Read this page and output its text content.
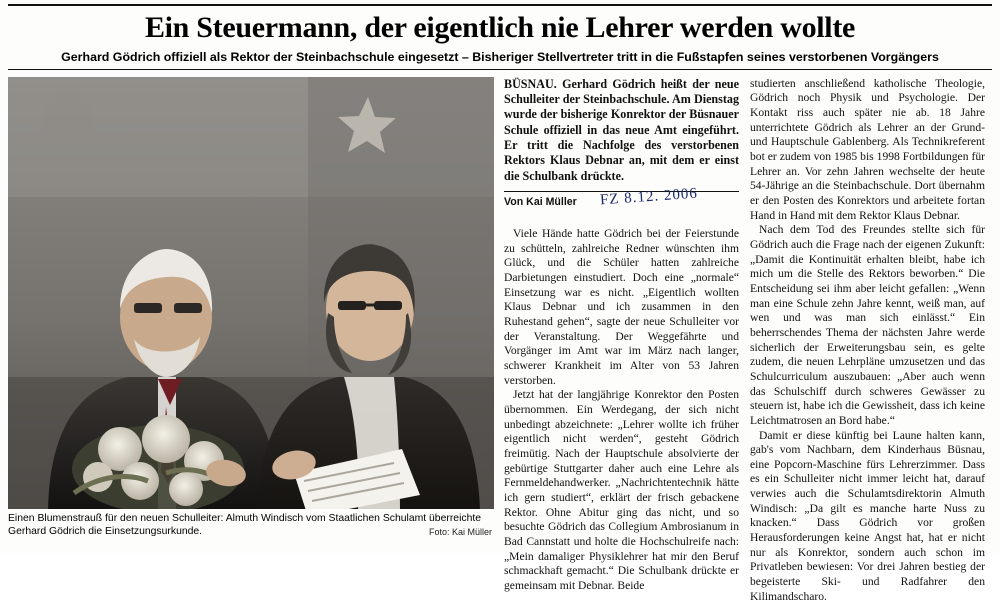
Ein Steuermann, der eigentlich nie Lehrer werden wollte
Gerhard Gödrich offiziell als Rektor der Steinbachschule eingesetzt – Bisheriger Stellvertreter tritt in die Fußstapfen seines verstorbenen Vorgängers
Einen Blumenstrauß für den neuen Schulleiter: Almuth Windisch vom Staatlichen Schulamt überreichte Gerhard Gödrich die Einsetzungsurkunde.	Foto: Kai Müller

BÜSNAU. Gerhard Gödrich heißt der neue Schulleiter der Steinbachschule. Am Dienstag wurde der bisherige Konrektor der Büsnauer Schule offiziell in das neue Amt eingeführt. Er tritt die Nachfolge des verstorbenen Rektors Klaus Debnar an, mit dem er einst die Schulbank drückte.

Von Kai Müller FZ 8.12. 2006

Viele Hände hatte Gödrich bei der Feierstunde zu schütteln, zahlreiche Redner wünschten ihm Glück, und die Schüler hatten zahlreiche Darbietungen einstudiert. Doch eine „normale“ Einsetzung war es nicht. „Eigentlich wollten Klaus Debnar und ich zusammen in den Ruhestand gehen“, sagte der neue Schulleiter vor der Veranstaltung. Der Weggefährte und Vorgänger im Amt war im März nach langer, schwerer Krankheit im Alter von 53 Jahren verstorben.

Jetzt hat der langjährige Konrektor den Posten übernommen. Ein Werdegang, der sich nicht unbedingt abzeichnete: „Lehrer wollte ich früher eigentlich nicht werden“, gesteht Gödrich freimütig. Nach der Hauptschule absolvierte der gebürtige Stuttgarter daher auch eine Lehre als Fernmeldehandwerker. „Nachrichtentechnik hätte ich gern studiert“, erklärt der frisch gebackene Rektor. Ohne Abitur ging das nicht, und so besuchte Gödrich das Collegium Ambrosianum in Bad Cannstatt und holte die Hochschulreife nach: „Mein damaliger Physiklehrer hat mir den Beruf schmackhaft gemacht.“ Die Schulbank drückte er gemeinsam mit Debnar. Beide

studierten anschließend katholische Theologie, Gödrich noch Physik und Psychologie. Der Kontakt riss auch später nie ab. 18 Jahre unterrichtete Gödrich als Lehrer an der Grund- und Hauptschule Gablenberg. Als Technikreferent bot er zudem von 1985 bis 1998 Fortbildungen für Lehrer an. Vor zehn Jahren wechselte der heute 54-Jährige an die Steinbachschule. Dort übernahm er den Posten des Konrektors und arbeitete fortan Hand in Hand mit dem Rektor Klaus Debnar.

Nach dem Tod des Freundes stellte sich für Gödrich auch die Frage nach der eigenen Zukunft: „Damit die Kontinuität erhalten bleibt, habe ich mich um die Stelle des Rektors beworben.“ Die Entscheidung sei ihm aber leicht gefallen: „Wenn man eine Schule zehn Jahre kennt, weiß man, auf wen und was man sich einlässt.“ Ein beherrschendes Thema der nächsten Jahre werde sicherlich der Erweiterungsbau sein, es gelte zudem, die neuen Lehrpläne umzusetzen und das Schulcurriculum auszubauen: „Aber auch wenn das Schulschiff durch schweres Gewässer zu steuern ist, habe ich die Gewissheit, dass ich keine Leichtmatrosen an Bord habe.“

Damit er diese künftig bei Laune halten kann, gab's vom Nachbarn, dem Kinderhaus Büsnau, eine Popcorn-Maschine fürs Lehrerzimmer. Dass es ein Schulleiter nicht immer leicht hat, darauf verwies auch die Schulamtsdirektorin Almuth Windisch: „Da gilt es manche harte Nuss zu knacken.“ Dass Gödrich vor großen Herausforderungen keine Angst hat, hat er nicht nur als Konrektor, sondern auch schon im Privatleben bewiesen: Vor drei Jahren bestieg der begeisterte Ski- und Radfahrer den Kilimandscharo.
